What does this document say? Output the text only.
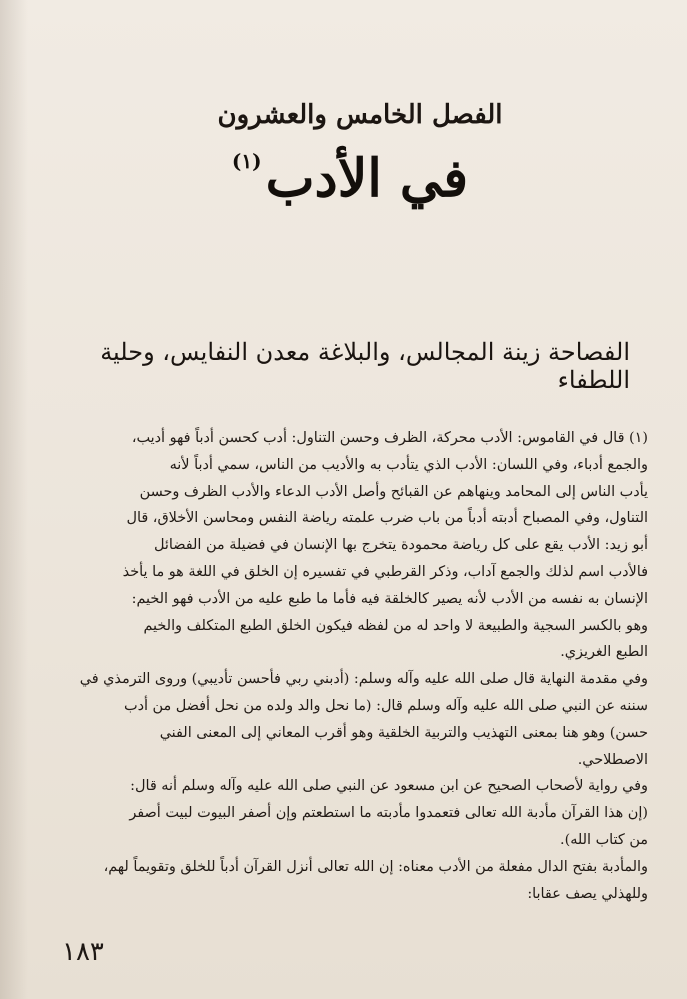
الفصل الخامس والعشرون
في الأدب$^{(١)}$
الفصاحة زينة المجالس، والبلاغة معدن النفايس، وحلية اللطفاء
(١) قال في القاموس: الأدب محركة، الظرف وحسن التناول: أدب كحسن أدباً فهو أديب،
والجمع أدباء، وفي اللسان: الأدب الذي يتأدب به والأديب من الناس، سمي أدباً لأنه
يأدب الناس إلى المحامد وينهاهم عن القبائح وأصل الأدب الدعاء والأدب الظرف وحسن
التناول، وفي المصباح أدبته أدباً من باب ضرب علمته رياضة النفس ومحاسن الأخلاق، قال
أبو زيد: الأدب يقع على كل رياضة محمودة يتخرج بها الإنسان في فضيلة من الفضائل
فالأدب اسم لذلك والجمع آداب، وذكر القرطبي في تفسيره إن الخلق في اللغة هو ما يأخذ
الإنسان به نفسه من الأدب لأنه يصير كالخلقة فيه فأما ما طبع عليه من الأدب فهو الخيم:
وهو بالكسر السجية والطبيعة لا واحد له من لفظه فيكون الخلق الطبع المتكلف والخيم
الطبع الغريزي.
وفي مقدمة النهاية قال صلى الله عليه وآله وسلم: (أدبني ربي فأحسن تأديبي) وروى الترمذي في
سننه عن النبي صلى الله عليه وآله وسلم قال: (ما نحل والد ولده من نحل أفضل من أدب
حسن) وهو هنا بمعنى التهذيب والتربية الخلقية وهو أقرب المعاني إلى المعنى الفني
الاصطلاحي.
وفي رواية لأصحاب الصحيح عن ابن مسعود عن النبي صلى الله عليه وآله وسلم أنه قال:
(إن هذا القرآن مأدبة الله تعالى فتعمدوا مأدبته ما استطعتم وإن أصفر البيوت لبيت أصفر
من كتاب الله).
والمأدبة بفتح الدال مفعلة من الأدب معناه: إن الله تعالى أنزل القرآن أدباً للخلق وتقويماً لهم،
وللهذلي يصف عقابا:
١٨٣
